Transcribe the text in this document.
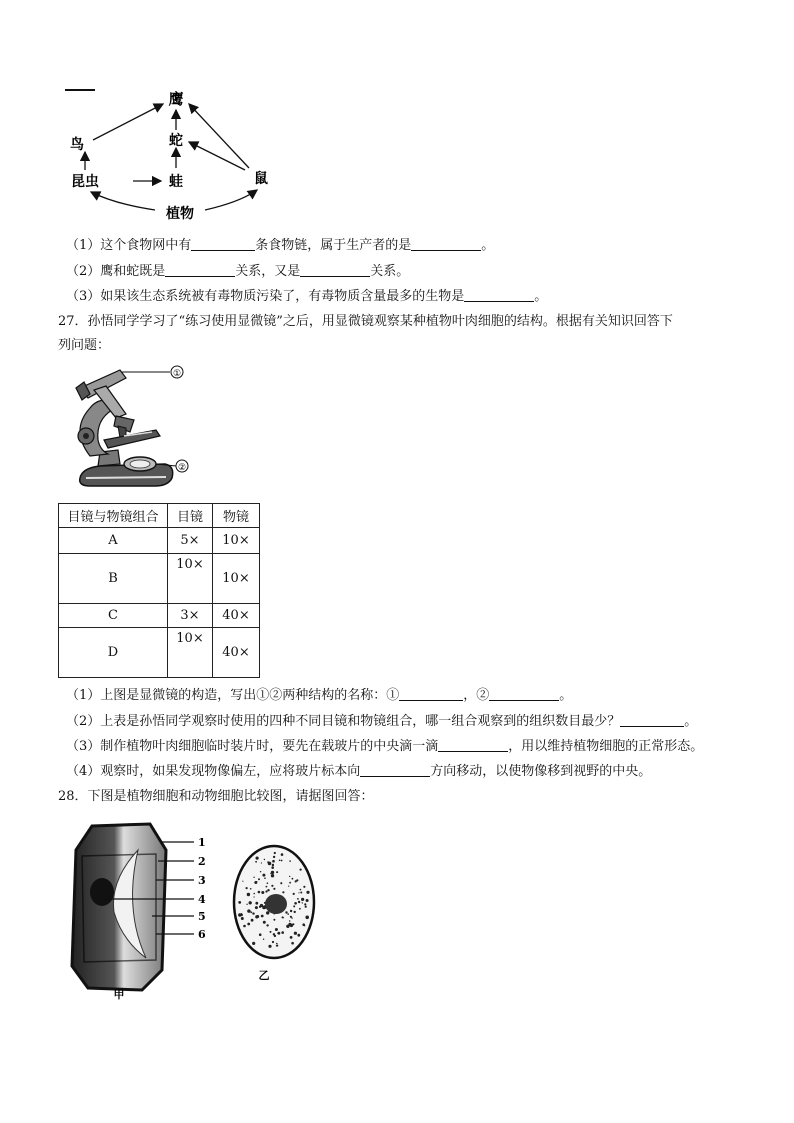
鹰
鸟	蛇
昆虫	蛙	鼠
植物
（1）这个食物网中有	条食物链，属于生产者的是	。
（2）鹰和蛇既是	关系，又是	关系。
（3）如果该生态系统被有毒物质污染了，有毒物质含量最多的生物是	。
27．孙悟同学学习了“练习使用显微镜”之后，用显微镜观察某种植物叶肉细胞的结构。根据有关知识回答下
列问题：
①
②
目镜与物镜组合	目镜	物镜
A	5×	10×
B	10×	10×
C	3×	40×
D	10×	40×
（1）上图是显微镜的构造，写出①②两种结构的名称：①	，②	。
（2）上表是孙悟同学观察时使用的四种不同目镜和物镜组合，哪一组合观察到的组织数目最少？	。
（3）制作植物叶肉细胞临时装片时，要先在载玻片的中央滴一滴	，用以维持植物细胞的正常形态。
（4）观察时，如果发现物像偏左，应将玻片标本向	方向移动，以使物像移到视野的中央。
28．下图是植物细胞和动物细胞比较图，请据图回答：
1
2
3
4
5
6
甲
乙
